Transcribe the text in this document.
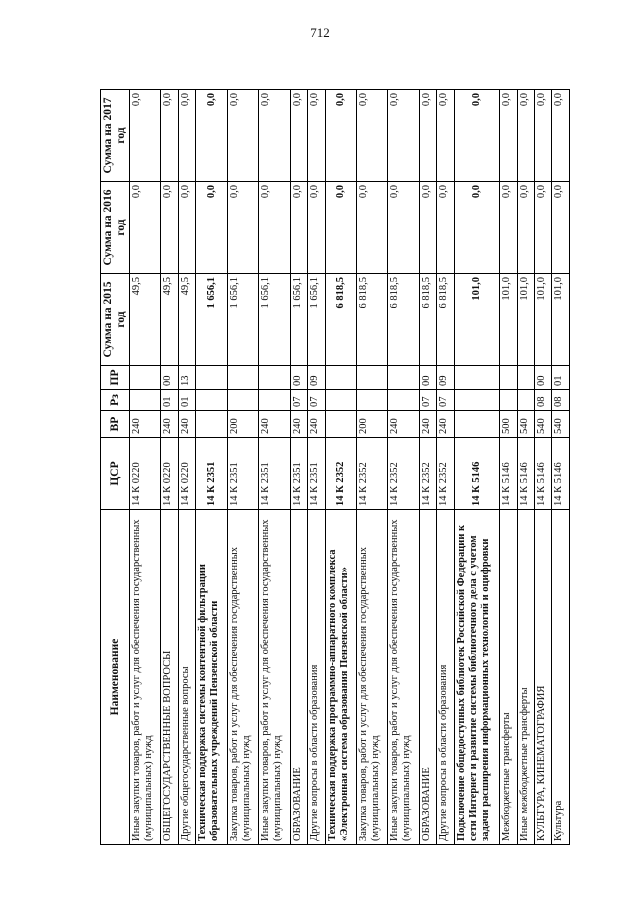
712
Наименование	ЦСР	ВР	Рз	ПР	Сумма на 2015 год	Сумма на 2016 год	Сумма на 2017 год
Иные закупки товаров, работ и услуг для обеспечения государственных (муниципальных) нужд	14 К 0220	240			49,5	0,0	0,0
ОБЩЕГОСУДАРСТВЕННЫЕ ВОПРОСЫ	14 К 0220	240	01	00	49,5	0,0	0,0
Другие общегосударственные вопросы	14 К 0220	240	01	13	49,5	0,0	0,0
Техническая поддержка системы контентной фильтрации образовательных учреждений Пензенской области	14 К 2351				1 656,1	0,0	0,0
Закупка товаров, работ и услуг для обеспечения государственных (муниципальных) нужд	14 К 2351	200			1 656,1	0,0	0,0
Иные закупки товаров, работ и услуг для обеспечения государственных (муниципальных) нужд	14 К 2351	240			1 656,1	0,0	0,0
ОБРАЗОВАНИЕ	14 К 2351	240	07	00	1 656,1	0,0	0,0
Другие вопросы в области образования	14 К 2351	240	07	09	1 656,1	0,0	0,0
Техническая поддержка программно-аппаратного комплекса «Электронная система образования Пензенской области»	14 К 2352				6 818,5	0,0	0,0
Закупка товаров, работ и услуг для обеспечения государственных (муниципальных) нужд	14 К 2352	200			6 818,5	0,0	0,0
Иные закупки товаров, работ и услуг для обеспечения государственных (муниципальных) нужд	14 К 2352	240			6 818,5	0,0	0,0
ОБРАЗОВАНИЕ	14 К 2352	240	07	00	6 818,5	0,0	0,0
Другие вопросы в области образования	14 К 2352	240	07	09	6 818,5	0,0	0,0
Подключение общедоступных библиотек Российской Федерации к сети Интернет и развитие системы библиотечного дела с учетом задачи расширения информационных технологий и оцифровки	14 К 5146				101,0	0,0	0,0
Межбюджетные трансферты	14 К 5146	500			101,0	0,0	0,0
Иные межбюджетные трансферты	14 К 5146	540			101,0	0,0	0,0
КУЛЬТУРА, КИНЕМАТОГРАФИЯ	14 К 5146	540	08	00	101,0	0,0	0,0
Культура	14 К 5146	540	08	01	101,0	0,0	0,0
